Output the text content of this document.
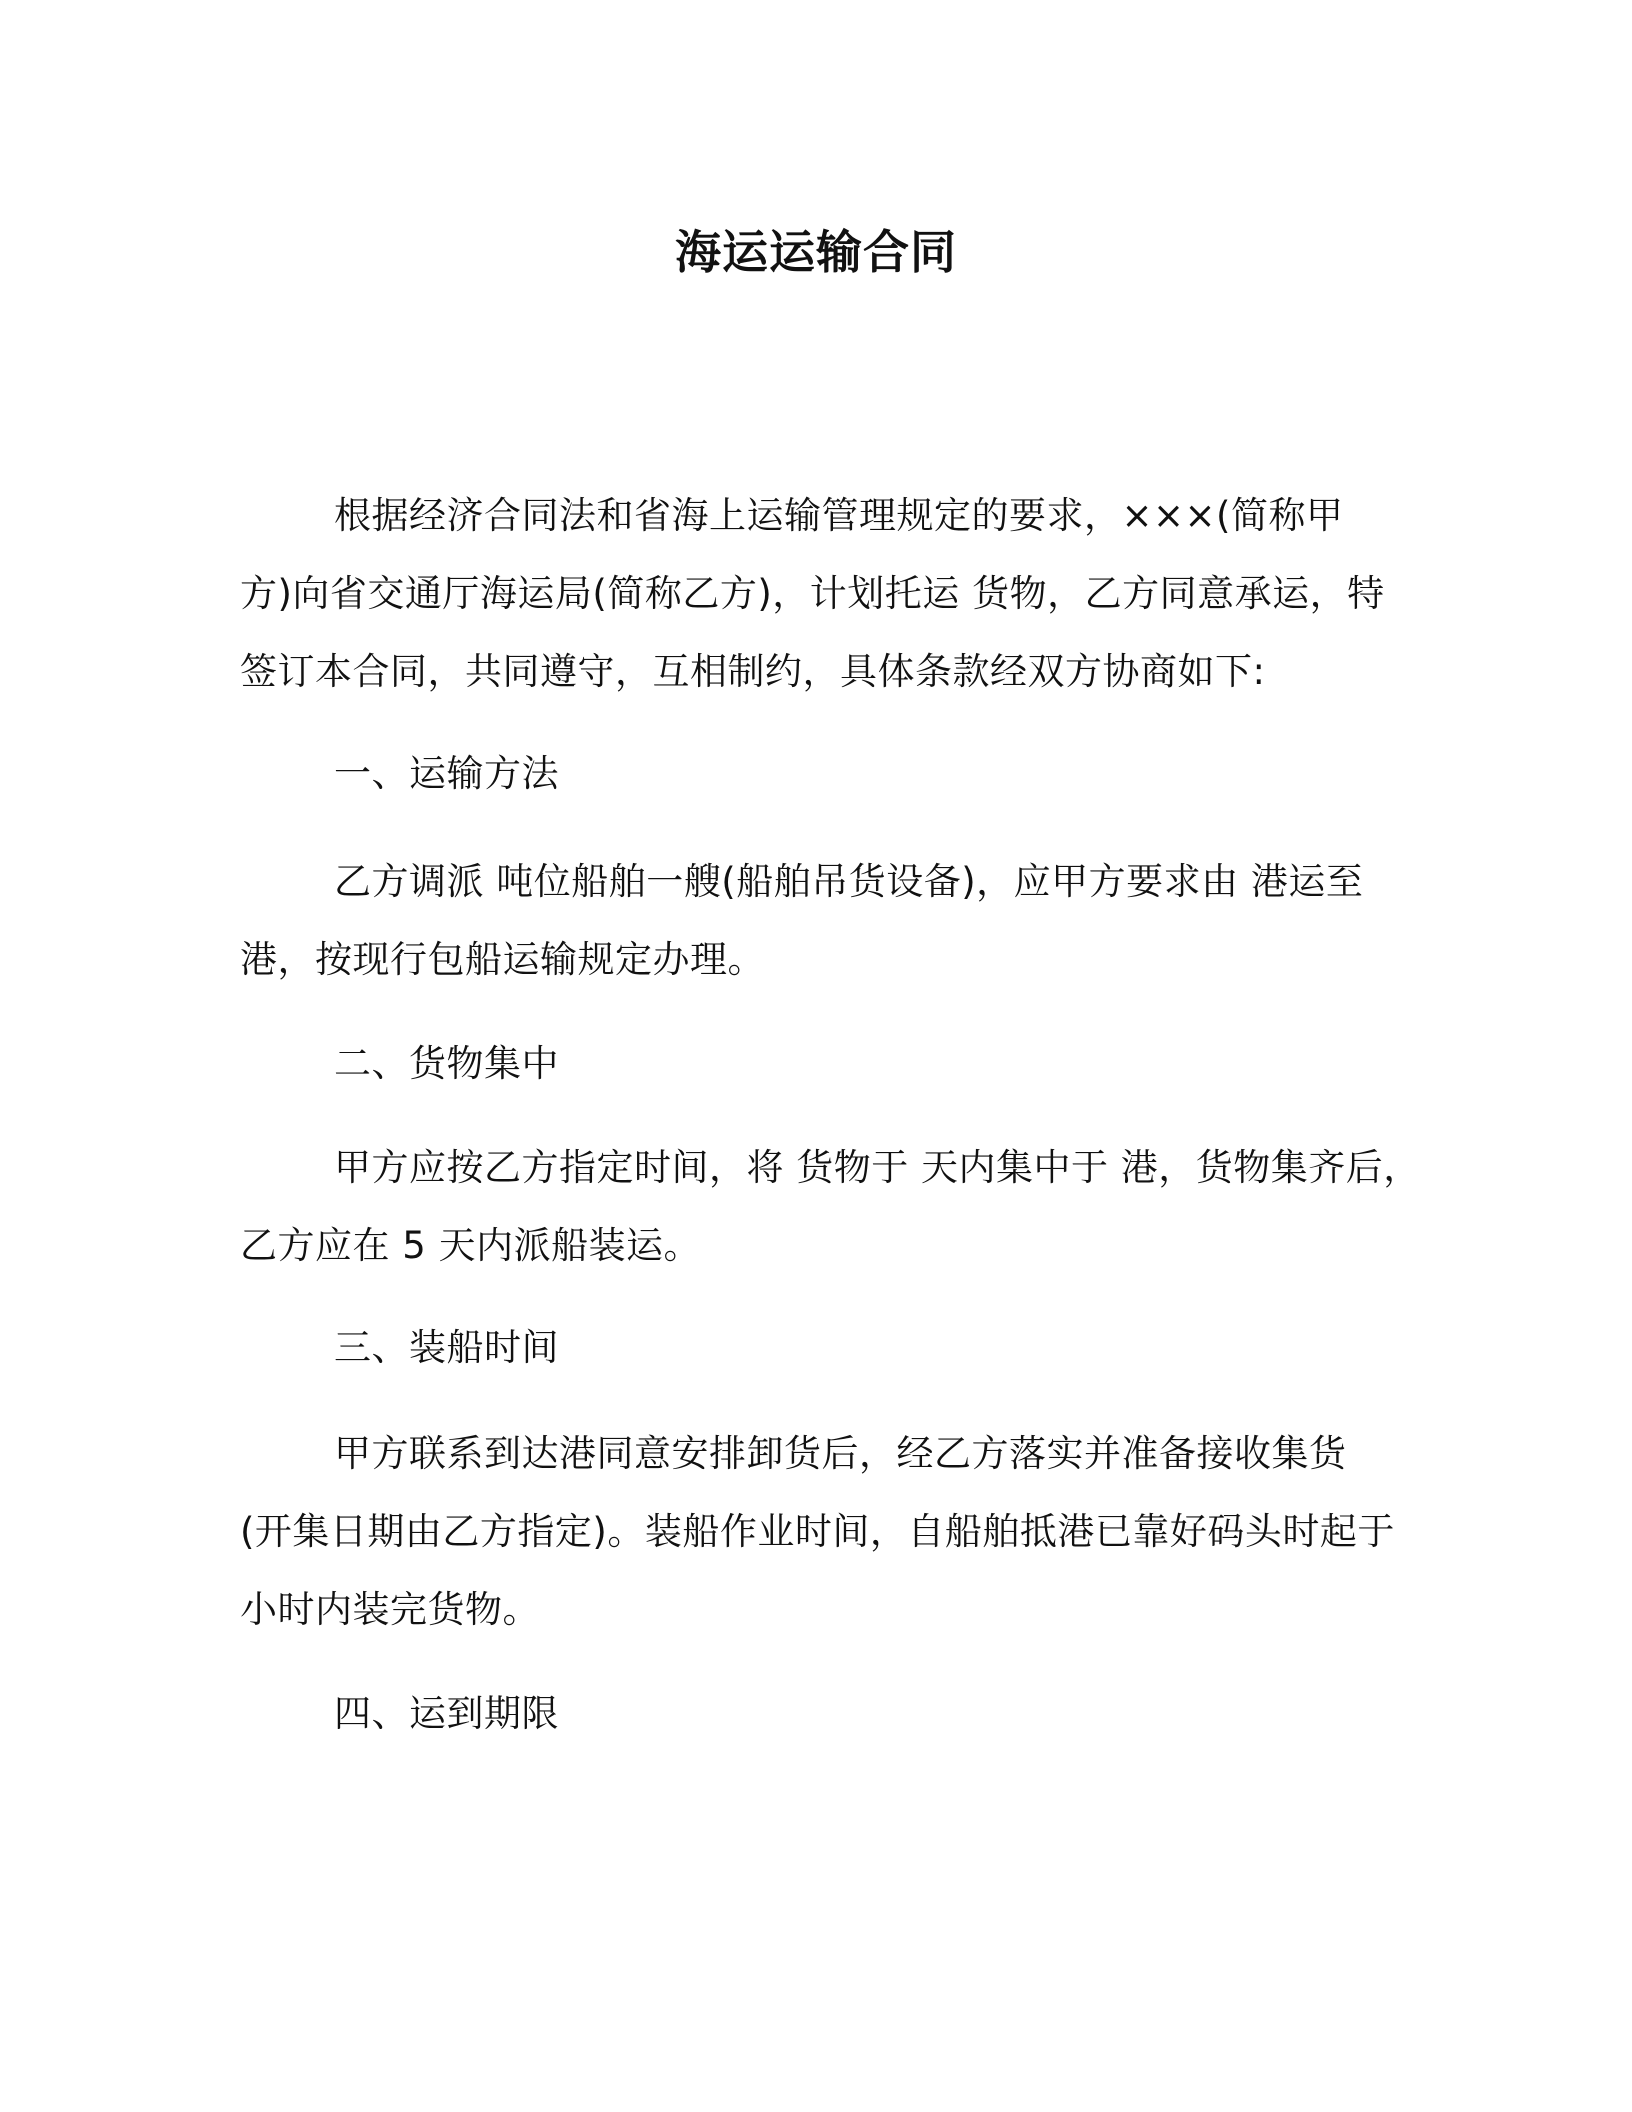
海运运输合同
根据经济合同法和省海上运输管理规定的要求，×××(简称甲
方)向省交通厅海运局(简称乙方)，计划托运 货物，乙方同意承运，特
签订本合同，共同遵守，互相制约，具体条款经双方协商如下:
一、运输方法
乙方调派 吨位船舶一艘(船舶吊货设备)，应甲方要求由 港运至
港，按现行包船运输规定办理。
二、货物集中
甲方应按乙方指定时间，将 货物于 天内集中于 港，货物集齐后，
乙方应在 5 天内派船装运。
三、装船时间
甲方联系到达港同意安排卸货后，经乙方落实并准备接收集货
(开集日期由乙方指定)。装船作业时间，自船舶抵港已靠好码头时起于
小时内装完货物。
四、运到期限
